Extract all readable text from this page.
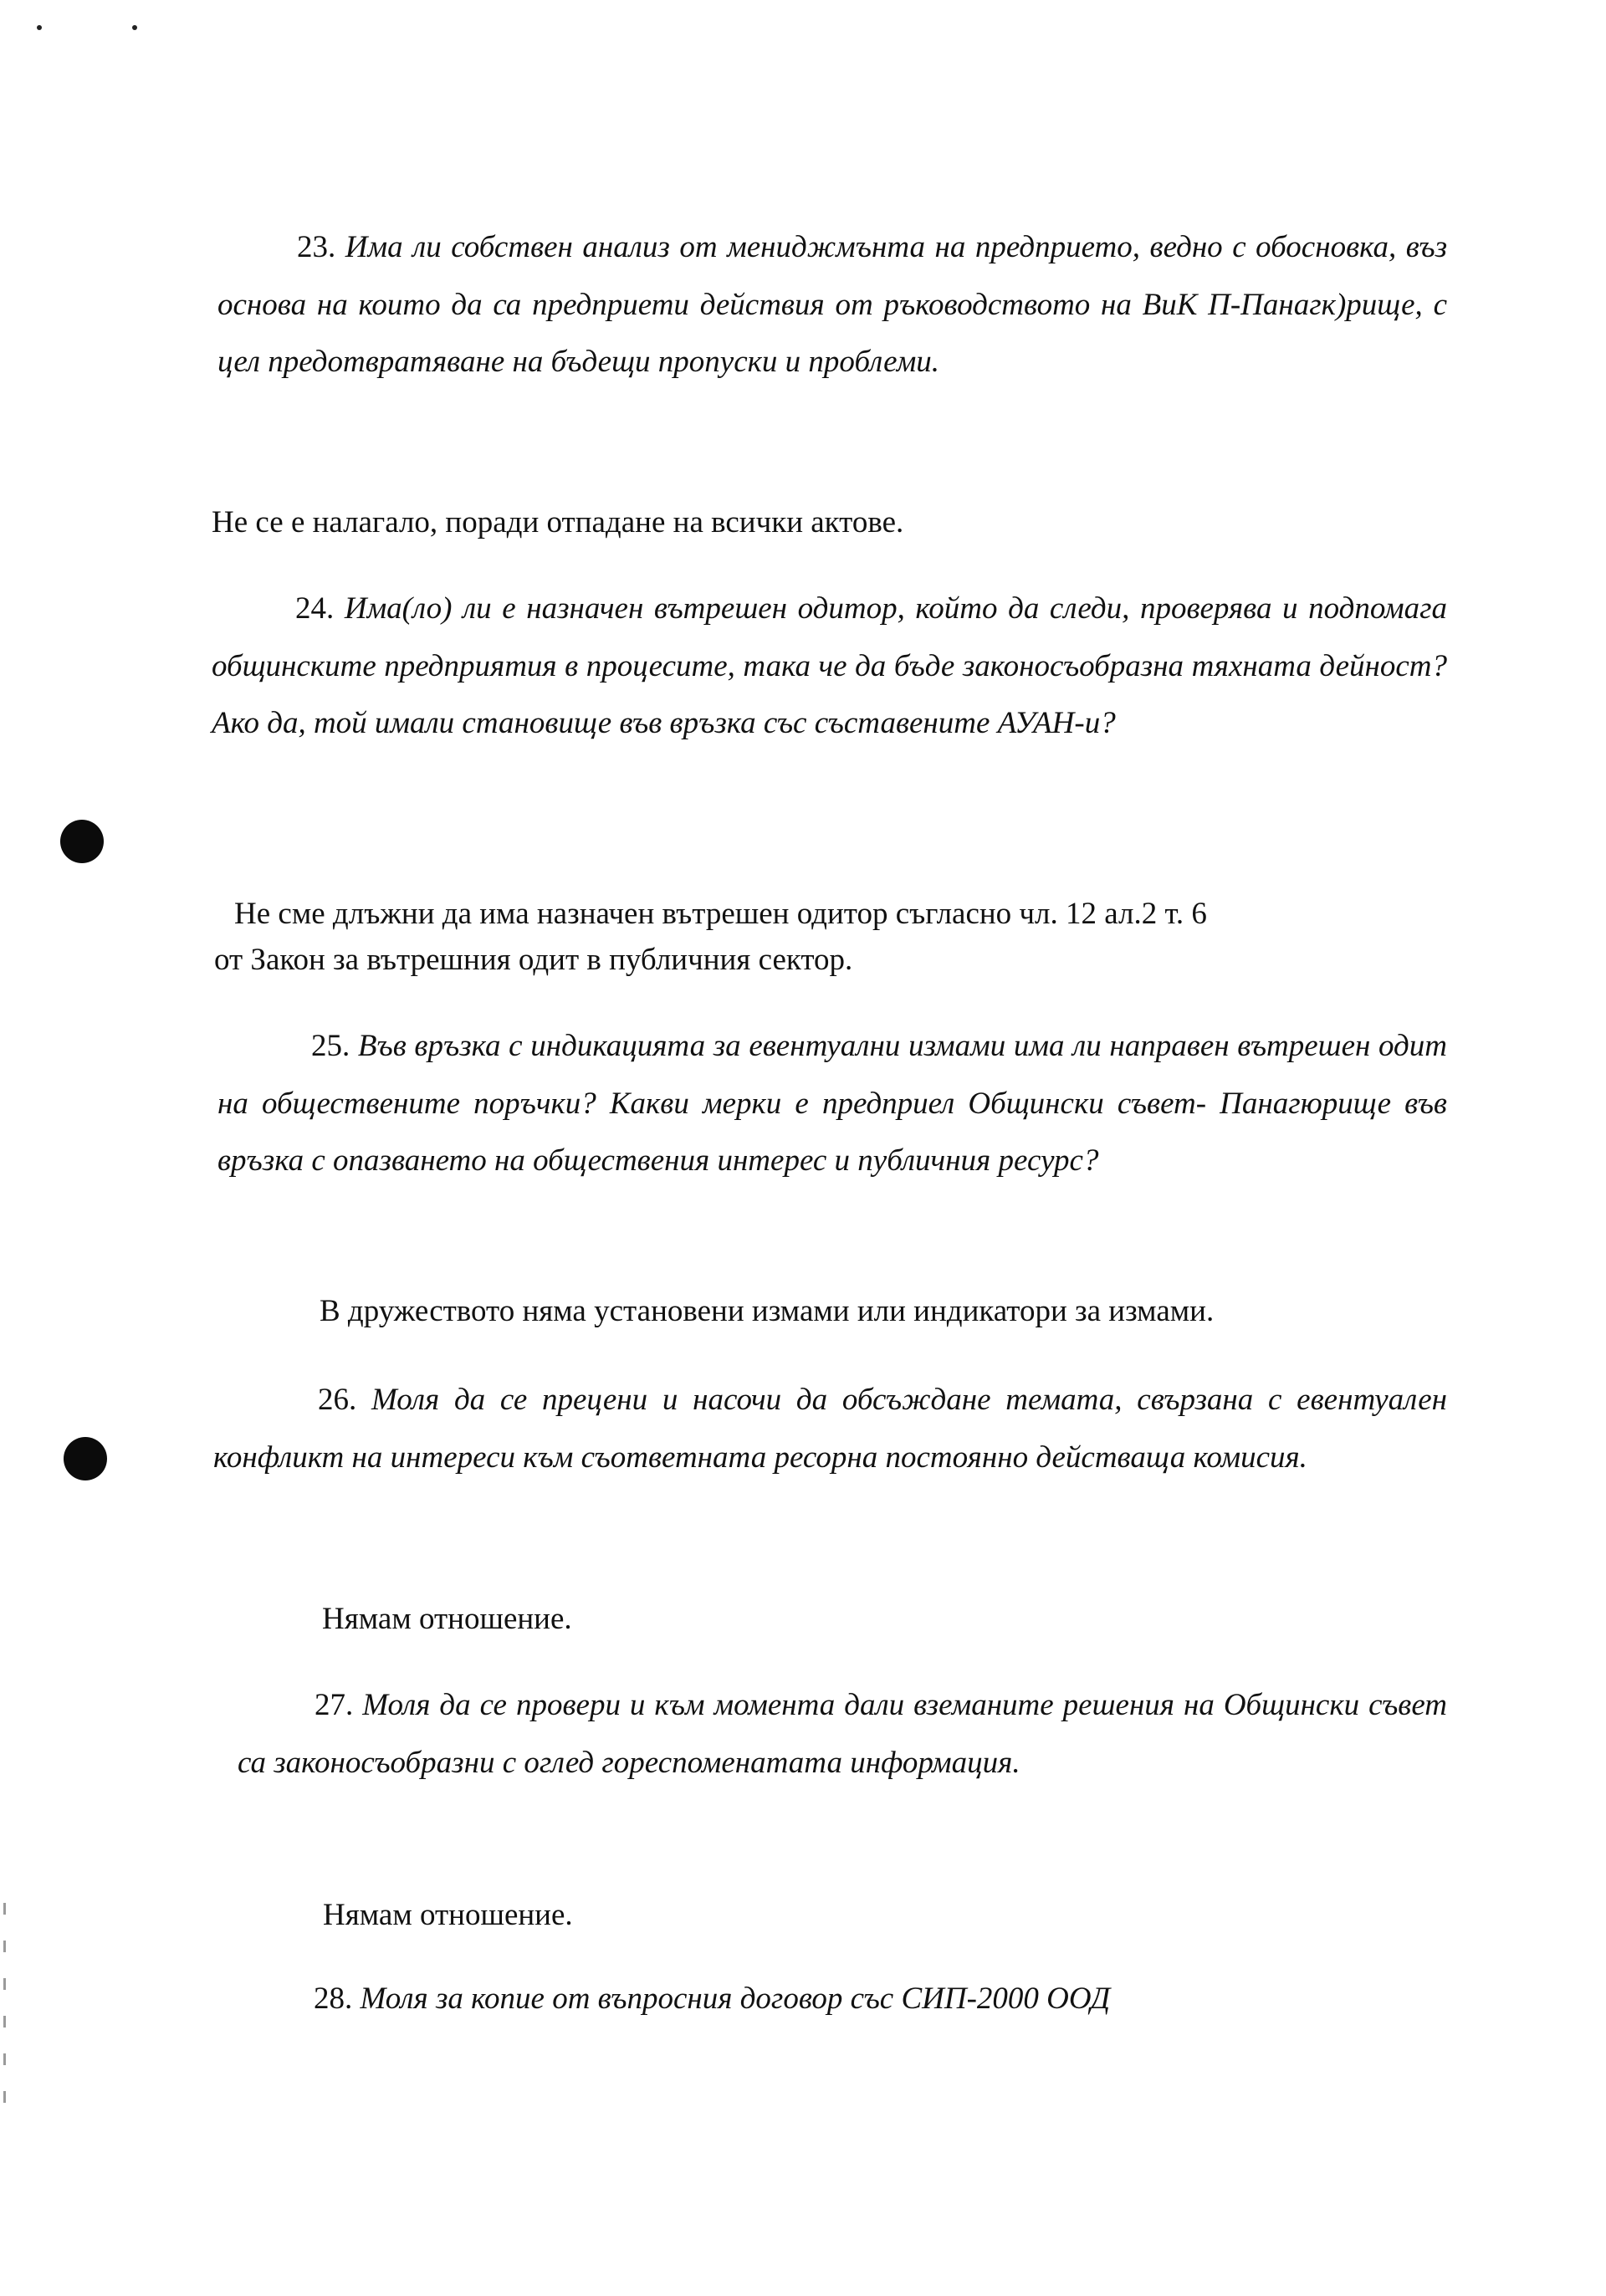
23. Има ли собствен анализ от мениджмънта на предприето, ведно с обосновка, въз основа на които да са предприети действия от ръководството на ВиК П-Панагк)рище, с цел предотвратяване на бъдещи пропуски и проблеми.
Не се е налагало, поради отпадане на всички актове.
24. Има(ло) ли е назначен вътрешен одитор, който да следи, проверява и подпомага общинските предприятия в процесите, така че да бъде законосъобразна тяхната дейност?Ако да, той имали становище във връзка със съставените АУАН-и?
Не сме длъжни да има назначен вътрешен одитор съгласно чл. 12 ал.2 т. 6
от Закон за вътрешния одит в публичния сектор.
25. Във връзка с индикацията за евентуални измами има ли направен вътрешен одит на обществените поръчки? Какви мерки е предприел Общински съвет- Панагюрище във връзка с опазването на обществения интерес и публичния ресурс?
В дружеството няма установени измами или индикатори за измами.
26. Моля да се прецени и насочи да обсъждане темата, свързана с евентуален конфликт на интереси към съответната ресорна постоянно действаща комисия.
Нямам отношение.
27. Моля да се провери и към момента дали вземаните решения на Общински съвет са законосъобразни с оглед гореспоменатата информация.
Нямам отношение.
28. Моля за копие от въпросния договор със СИП-2000 ООД
